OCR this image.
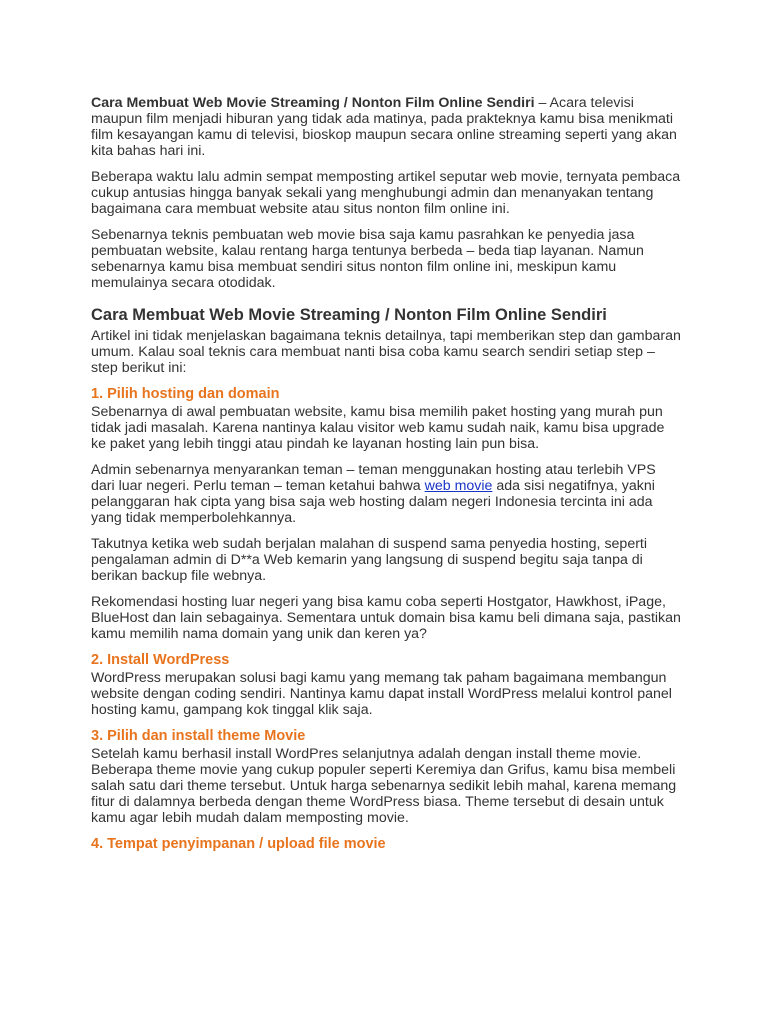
Cara Membuat Web Movie Streaming / Nonton Film Online Sendiri – Acara televisi maupun film menjadi hiburan yang tidak ada matinya, pada prakteknya kamu bisa menikmati film kesayangan kamu di televisi, bioskop maupun secara online streaming seperti yang akan kita bahas hari ini.

Beberapa waktu lalu admin sempat memposting artikel seputar web movie, ternyata pembaca cukup antusias hingga banyak sekali yang menghubungi admin dan menanyakan tentang bagaimana cara membuat website atau situs nonton film online ini.

Sebenarnya teknis pembuatan web movie bisa saja kamu pasrahkan ke penyedia jasa pembuatan website, kalau rentang harga tentunya berbeda – beda tiap layanan. Namun sebenarnya kamu bisa membuat sendiri situs nonton film online ini, meskipun kamu memulainya secara otodidak.

Cara Membuat Web Movie Streaming / Nonton Film Online Sendiri

Artikel ini tidak menjelaskan bagaimana teknis detailnya, tapi memberikan step dan gambaran umum. Kalau soal teknis cara membuat nanti bisa coba kamu search sendiri setiap step – step berikut ini:

1. Pilih hosting dan domain

Sebenarnya di awal pembuatan website, kamu bisa memilih paket hosting yang murah pun tidak jadi masalah. Karena nantinya kalau visitor web kamu sudah naik, kamu bisa upgrade ke paket yang lebih tinggi atau pindah ke layanan hosting lain pun bisa.

Admin sebenarnya menyarankan teman – teman menggunakan hosting atau terlebih VPS dari luar negeri. Perlu teman – teman ketahui bahwa web movie ada sisi negatifnya, yakni pelanggaran hak cipta yang bisa saja web hosting dalam negeri Indonesia tercinta ini ada yang tidak memperbolehkannya.

Takutnya ketika web sudah berjalan malahan di suspend sama penyedia hosting, seperti pengalaman admin di D**a Web kemarin yang langsung di suspend begitu saja tanpa di berikan backup file webnya.

Rekomendasi hosting luar negeri yang bisa kamu coba seperti Hostgator, Hawkhost, iPage, BlueHost dan lain sebagainya. Sementara untuk domain bisa kamu beli dimana saja, pastikan kamu memilih nama domain yang unik dan keren ya?

2. Install WordPress

WordPress merupakan solusi bagi kamu yang memang tak paham bagaimana membangun website dengan coding sendiri. Nantinya kamu dapat install WordPress melalui kontrol panel hosting kamu, gampang kok tinggal klik saja.

3. Pilih dan install theme Movie

Setelah kamu berhasil install WordPres selanjutnya adalah dengan install theme movie. Beberapa theme movie yang cukup populer seperti Keremiya dan Grifus, kamu bisa membeli salah satu dari theme tersebut. Untuk harga sebenarnya sedikit lebih mahal, karena memang fitur di dalamnya berbeda dengan theme WordPress biasa. Theme tersebut di desain untuk kamu agar lebih mudah dalam memposting movie.

4. Tempat penyimpanan / upload file movie
